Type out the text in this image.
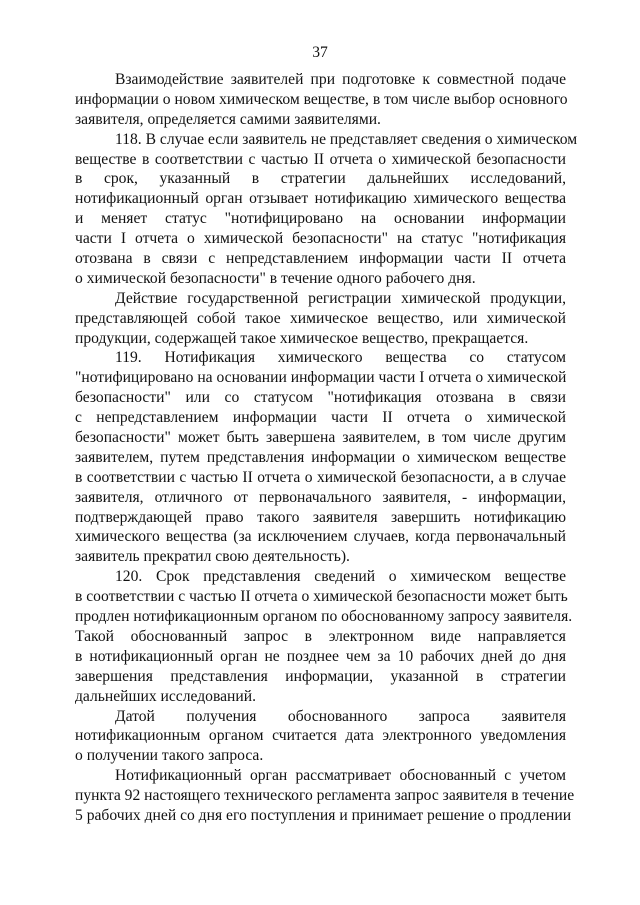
37
Взаимодействие заявителей при подготовке к совместной подаче
информации о новом химическом веществе, в том числе выбор основного
заявителя, определяется самими заявителями.
118. В случае если заявитель не представляет сведения о химическом
веществе в соответствии с частью II отчета о химической безопасности
в срок, указанный в стратегии дальнейших исследований,
нотификационный орган отзывает нотификацию химического вещества
и меняет статус "нотифицировано на основании информации
части I отчета о химической безопасности" на статус "нотификация
отозвана в связи с непредставлением информации части II отчета
о химической безопасности" в течение одного рабочего дня.
Действие государственной регистрации химической продукции,
представляющей собой такое химическое вещество, или химической
продукции, содержащей такое химическое вещество, прекращается.
119. Нотификация химического вещества со статусом
"нотифицировано на основании информации части I отчета о химической
безопасности" или со статусом "нотификация отозвана в связи
с непредставлением информации части II отчета о химической
безопасности" может быть завершена заявителем, в том числе другим
заявителем, путем представления информации о химическом веществе
в соответствии с частью II отчета о химической безопасности, а в случае
заявителя, отличного от первоначального заявителя, - информации,
подтверждающей право такого заявителя завершить нотификацию
химического вещества (за исключением случаев, когда первоначальный
заявитель прекратил свою деятельность).
120. Срок представления сведений о химическом веществе
в соответствии с частью II отчета о химической безопасности может быть
продлен нотификационным органом по обоснованному запросу заявителя.
Такой обоснованный запрос в электронном виде направляется
в нотификационный орган не позднее чем за 10 рабочих дней до дня
завершения представления информации, указанной в стратегии
дальнейших исследований.
Датой получения обоснованного запроса заявителя
нотификационным органом считается дата электронного уведомления
о получении такого запроса.
Нотификационный орган рассматривает обоснованный с учетом
пункта 92 настоящего технического регламента запрос заявителя в течение
5 рабочих дней со дня его поступления и принимает решение о продлении
